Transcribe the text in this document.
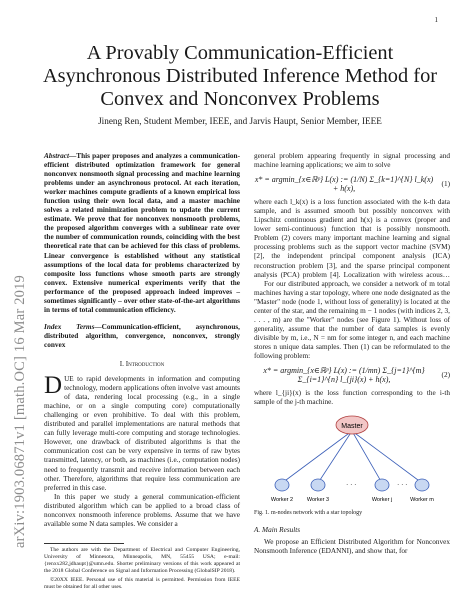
1
arXiv:1903.06871v1 [math.OC] 16 Mar 2019
A Provably Communication-Efficient Asynchronous Distributed Inference Method for Convex and Nonconvex Problems
Jineng Ren, Student Member, IEEE, and Jarvis Haupt, Senior Member, IEEE

Abstract—This paper proposes and analyzes a communication-efficient distributed optimization framework for general nonconvex nonsmooth signal processing and machine learning problems under an asynchronous protocol. At each iteration, worker machines compute gradients of a known empirical loss function using their own local data, and a master machine solves a related minimization problem to update the current estimate. We prove that for nonconvex nonsmooth problems, the proposed algorithm converges with a sublinear rate over the number of communication rounds, coinciding with the best theoretical rate that can be achieved for this class of problems. Linear convergence is established without any statistical assumptions of the local data for problems characterized by composite loss functions whose smooth parts are strongly convex. Extensive numerical experiments verify that the performance of the proposed approach indeed improves – sometimes significantly – over other state-of-the-art algorithms in terms of total communication efficiency.

Index Terms—Communication-efficient, asynchronous, distributed algorithm, convergence, nonconvex, strongly convex

I. Introduction

DUE to rapid developments in information and computing technology, modern applications often involve vast amounts of data, rendering local processing (e.g., in a single machine, or on a single computing core) computationally challenging or even prohibitive. To deal with this problem, distributed and parallel implementations are natural methods that can fully leverage multi-core computing and storage technologies. However, one drawback of distributed algorithms is that the communication cost can be very expensive in terms of raw bytes transmitted, latency, or both, as machines (i.e., computation nodes) need to frequently transmit and receive information between each other. Therefore, algorithms that require less communication are preferred in this case.

In this paper we study a general communication-efficient distributed algorithm which can be applied to a broad class of nonconvex nonsmooth inference problems. Assume that we have available some N data samples. We consider a

The authors are with the Department of Electrical and Computer Engineering, University of Minnesota, Minneapolis, MN, 55455 USA; e-mail: {renxx282,jdhaupt}@umn.edu. Shorter preliminary versions of this work appeared at the 2018 Global Conference on Signal and Information Processing (GlobalSIP 2018).

©20XX IEEE. Personal use of this material is permitted. Permission from IEEE must be obtained for all other uses.

general problem appearing frequently in signal processing and machine learning applications; we aim to solve

x* = argmin_{x∈ℝᵖ} L(x) := (1/N) Σ_{k=1}^{N} l_k(x) + h(x),
(1)

where each l_k(x) is a loss function associated with the k-th data sample, and is assumed smooth but possibly nonconvex with Lipschitz continuous gradient and h(x) is a convex (proper and lower semi-continuous) function that is possibly nonsmooth. Problem (2) covers many important machine learning and signal processing problems such as the support vector machine (SVM) [2], the independent principal component analysis (ICA) reconstruction problem [3], and the sparse principal component analysis (PCA) problem [4]. Localization with wireless acoustic

For our distributed approach, we consider a network of m total machines having a star topology, where one node designated as the "Master" node (node 1, without loss of generality) is located at the center of the star, and the remaining m − 1 nodes (with indices 2, 3, . . . , m) are the "Worker" nodes (see Figure 1). Without loss of generality, assume that the number of data samples is evenly divisible by m, i.e., N = nm for some integer n, and each machine stores n unique data samples. Then (1) can be reformulated to the following problem:

x* = argmin_{x∈ℝᵖ} L(x) := (1/mn) Σ_{j=1}^{m} Σ_{i=1}^{n} l_{ji}(x) + h(x),
(2)

where l_{ji}(x) is the loss function corresponding to the i-th sample of the j-th machine.

Master
· · ·	· · ·
Worker 2	Worker 3	Worker j	Worker m
Fig. 1. m-nodes network with a star topology
A. Main Results

We propose an Efficient Distributed Algorithm for Nonconvex Nonsmooth Inference (EDANNI), and show that, for
